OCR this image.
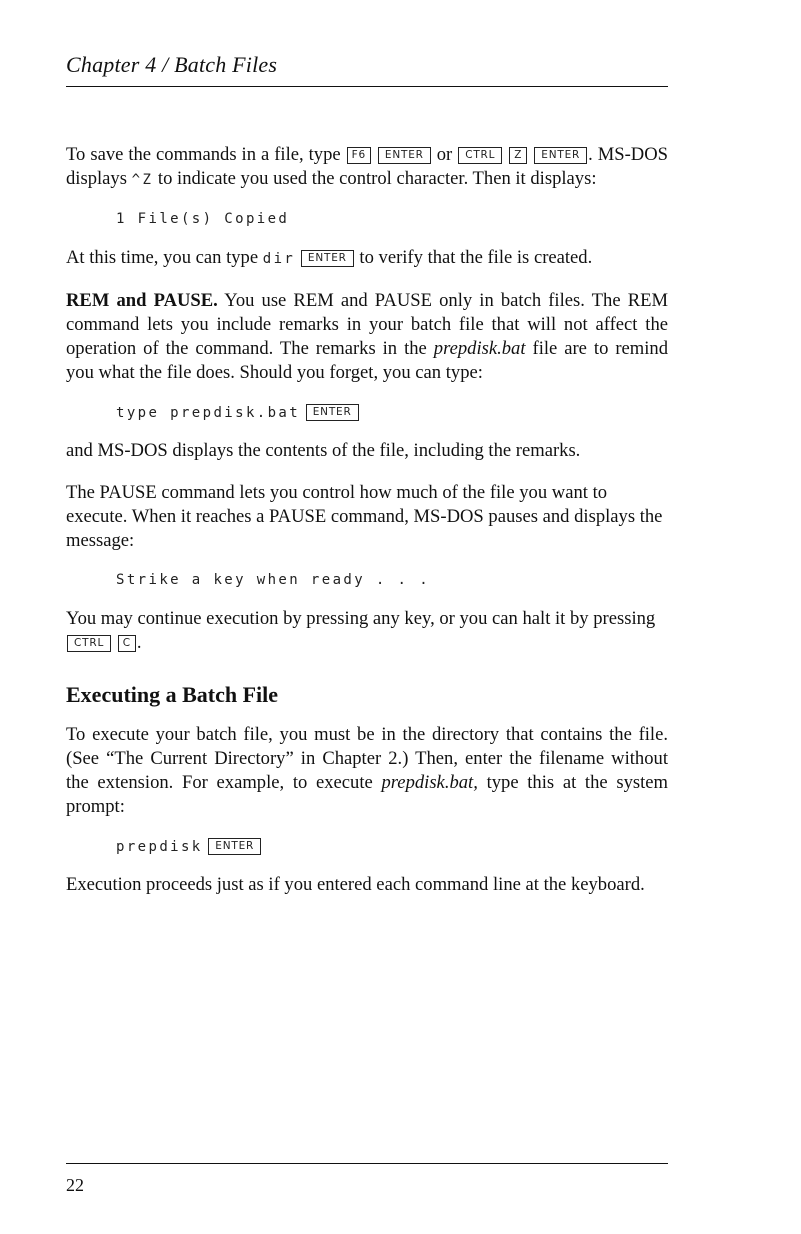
Chapter 4 / Batch Files

To save the commands in a file, type F6 ENTER or CTRL Z ENTER . MS-DOS displays ^Z to indicate you used the control character. Then it displays:

1 File(s) Copied

At this time, you can type dir ENTER to verify that the file is created.

REM and PAUSE. You use REM and PAUSE only in batch files. The REM command lets you include remarks in your batch file that will not affect the operation of the command. The remarks in the prepdisk.bat file are to remind you what the file does. Should you forget, you can type:

type prepdisk.bat ENTER

and MS-DOS displays the contents of the file, including the remarks.

The PAUSE command lets you control how much of the file you want to execute. When it reaches a PAUSE command, MS-DOS pauses and displays the message:

Strike a key when ready . . .

You may continue execution by pressing any key, or you can halt it by pressing CTRL C .

Executing a Batch File

To execute your batch file, you must be in the directory that contains the file. (See “The Current Directory” in Chapter 2.) Then, enter the filename without the extension. For example, to execute prepdisk.bat, type this at the system prompt:

prepdisk ENTER

Execution proceeds just as if you entered each command line at the keyboard.

22
